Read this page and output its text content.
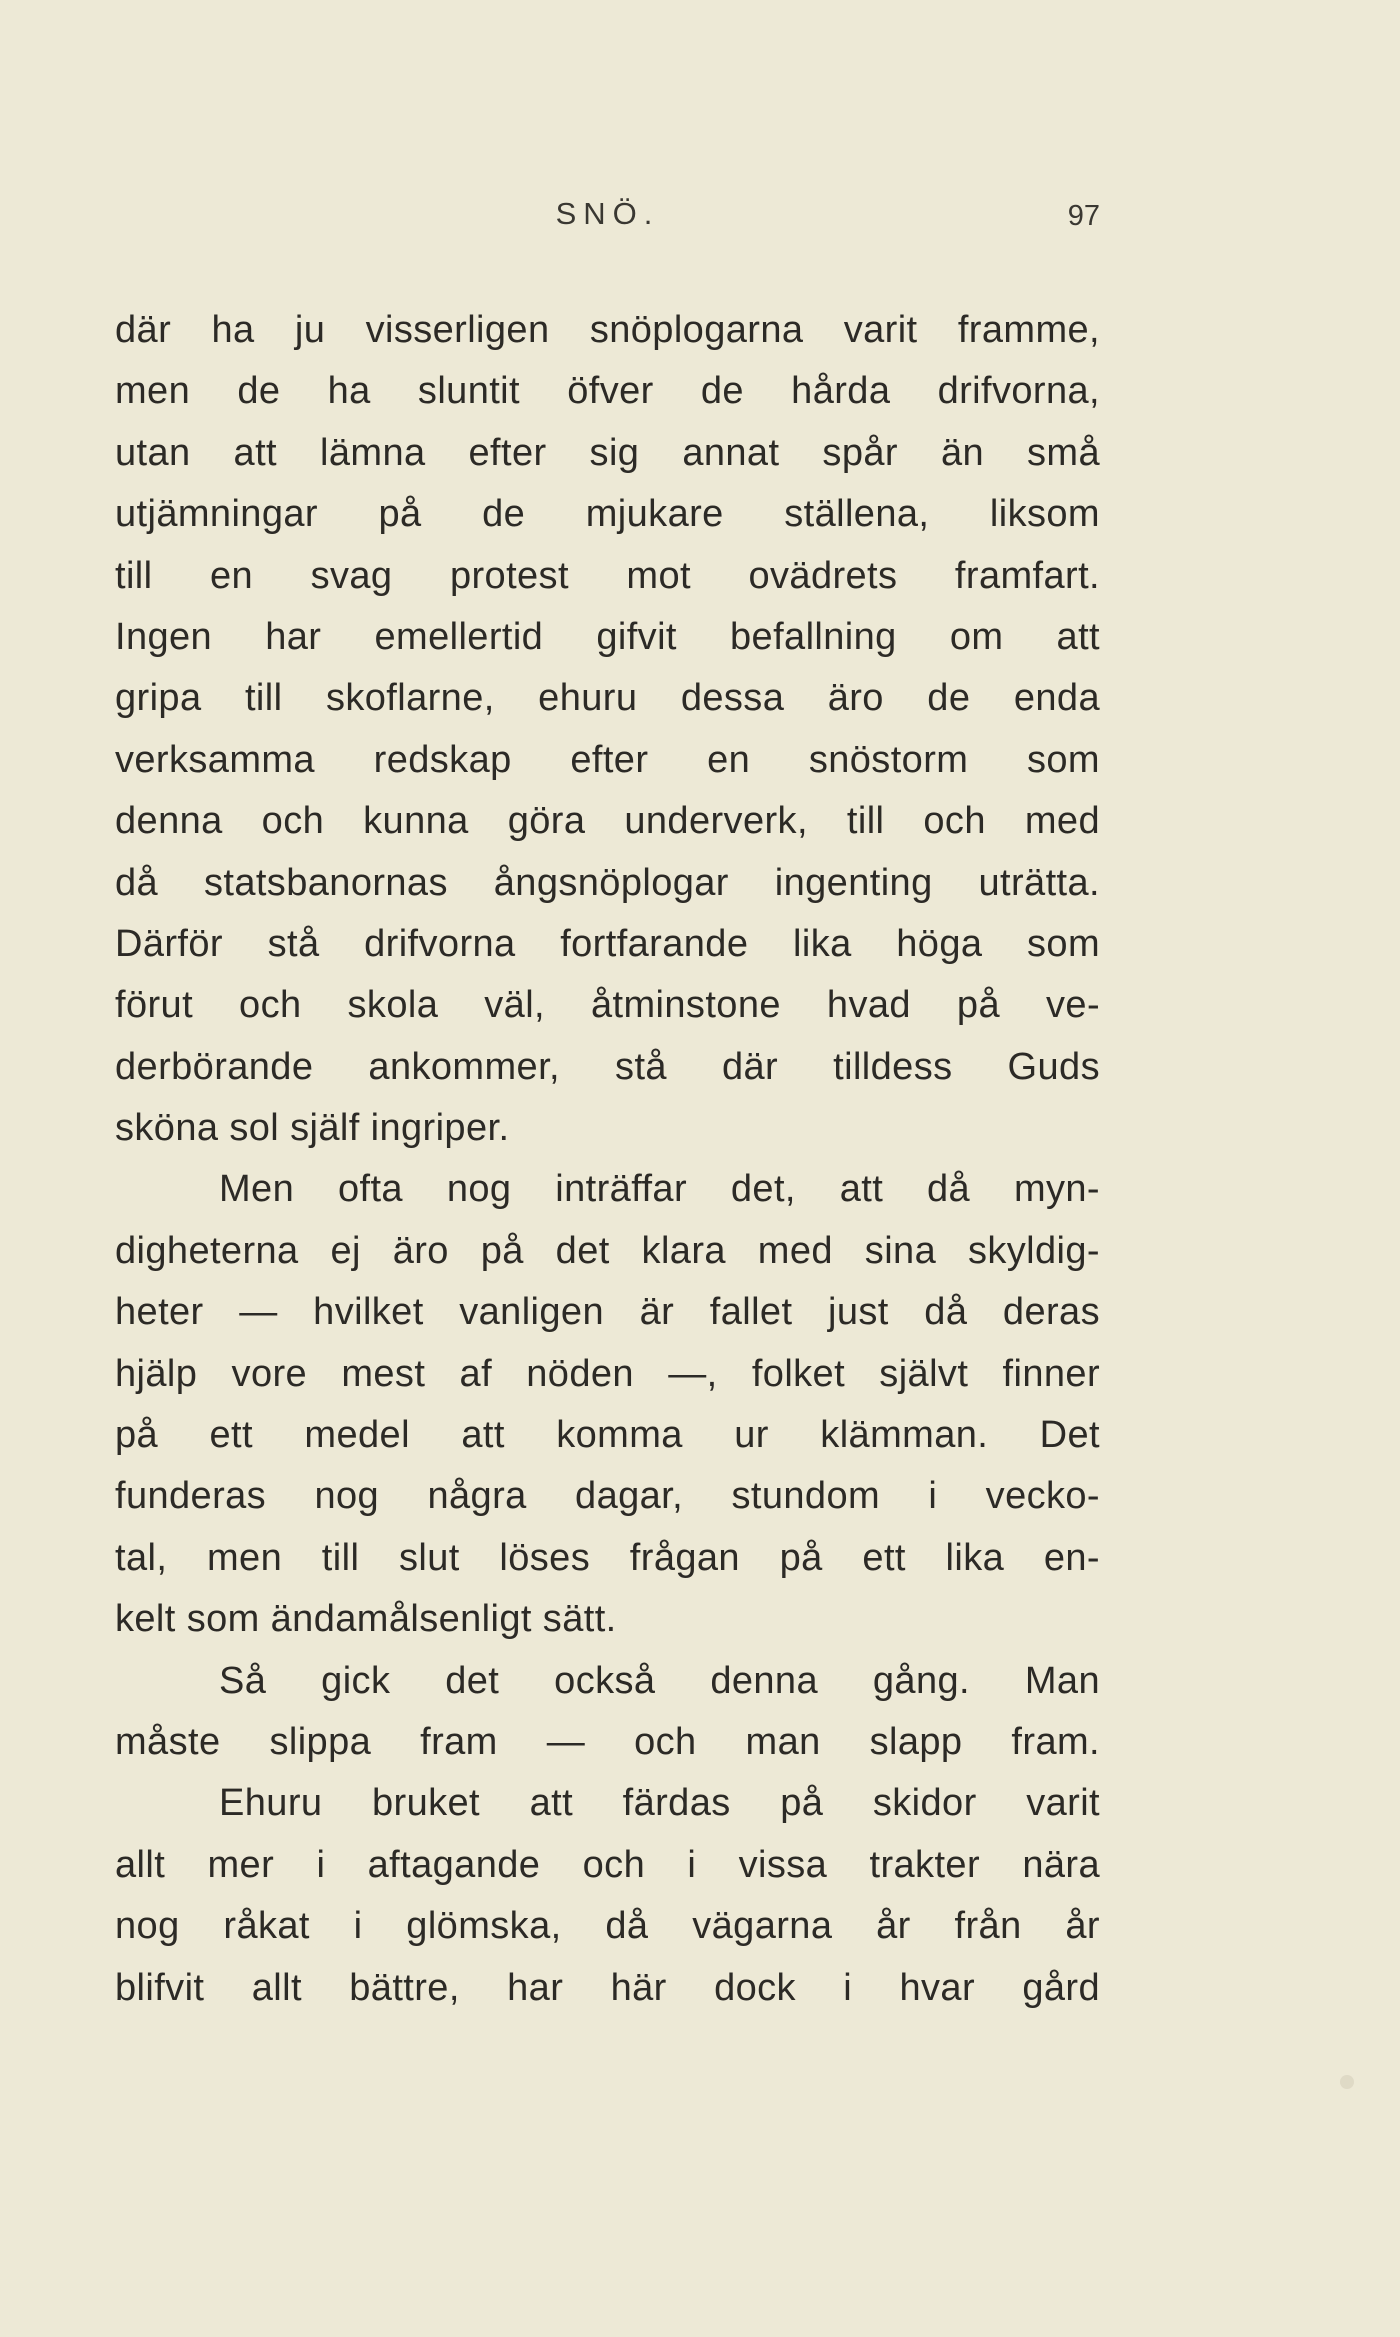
SNÖ.	97
där ha ju visserligen snöplogarna varit framme,
men de ha sluntit öfver de hårda drifvorna,
utan att lämna efter sig annat spår än små
utjämningar på de mjukare ställena, liksom
till en svag protest mot ovädrets framfart.
Ingen har emellertid gifvit befallning om att
gripa till skoflarne, ehuru dessa äro de enda
verksamma redskap efter en snöstorm som
denna och kunna göra underverk, till och med
då statsbanornas ångsnöplogar ingenting uträtta.
Därför stå drifvorna fortfarande lika höga som
förut och skola väl, åtminstone hvad på ve-
derbörande ankommer, stå där tilldess Guds
sköna sol själf ingriper.
Men ofta nog inträffar det, att då myn-
digheterna ej äro på det klara med sina skyldig-
heter — hvilket vanligen är fallet just då deras
hjälp vore mest af nöden —, folket självt finner
på ett medel att komma ur klämman. Det
funderas nog några dagar, stundom i vecko-
tal, men till slut löses frågan på ett lika en-
kelt som ändamålsenligt sätt.
Så gick det också denna gång. Man
måste slippa fram — och man slapp fram.
Ehuru bruket att färdas på skidor varit
allt mer i aftagande och i vissa trakter nära
nog råkat i glömska, då vägarna år från år
blifvit allt bättre, har här dock i hvar gård
